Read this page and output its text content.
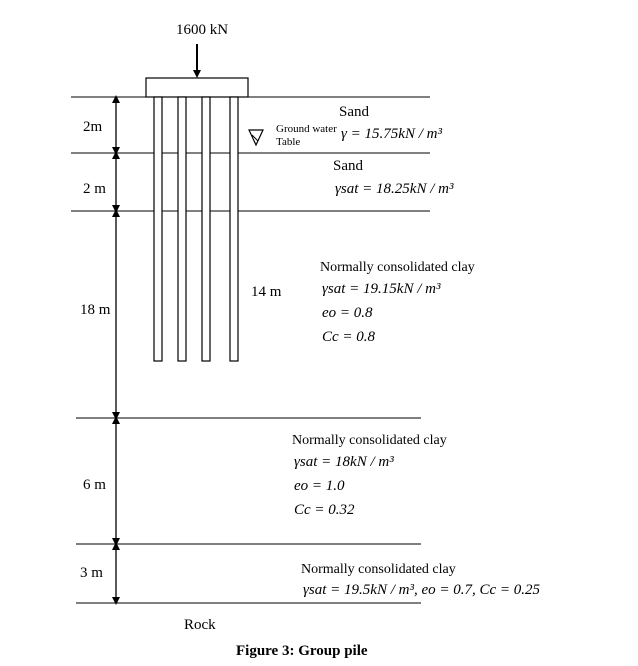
1600 kN
2m
2 m
18 m
6 m
3 m
Ground water
Table
Sand
γ = 15.75kN / m³
Sand
γsat = 18.25kN / m³
14 m
Normally consolidated clay
γsat = 19.15kN / m³
eo = 0.8
Cc = 0.8
Normally consolidated clay
γsat = 18kN / m³
eo = 1.0
Cc = 0.32
Normally consolidated clay
γsat = 19.5kN / m³, eo = 0.7, Cc = 0.25
Rock
Figure 3: Group pile
